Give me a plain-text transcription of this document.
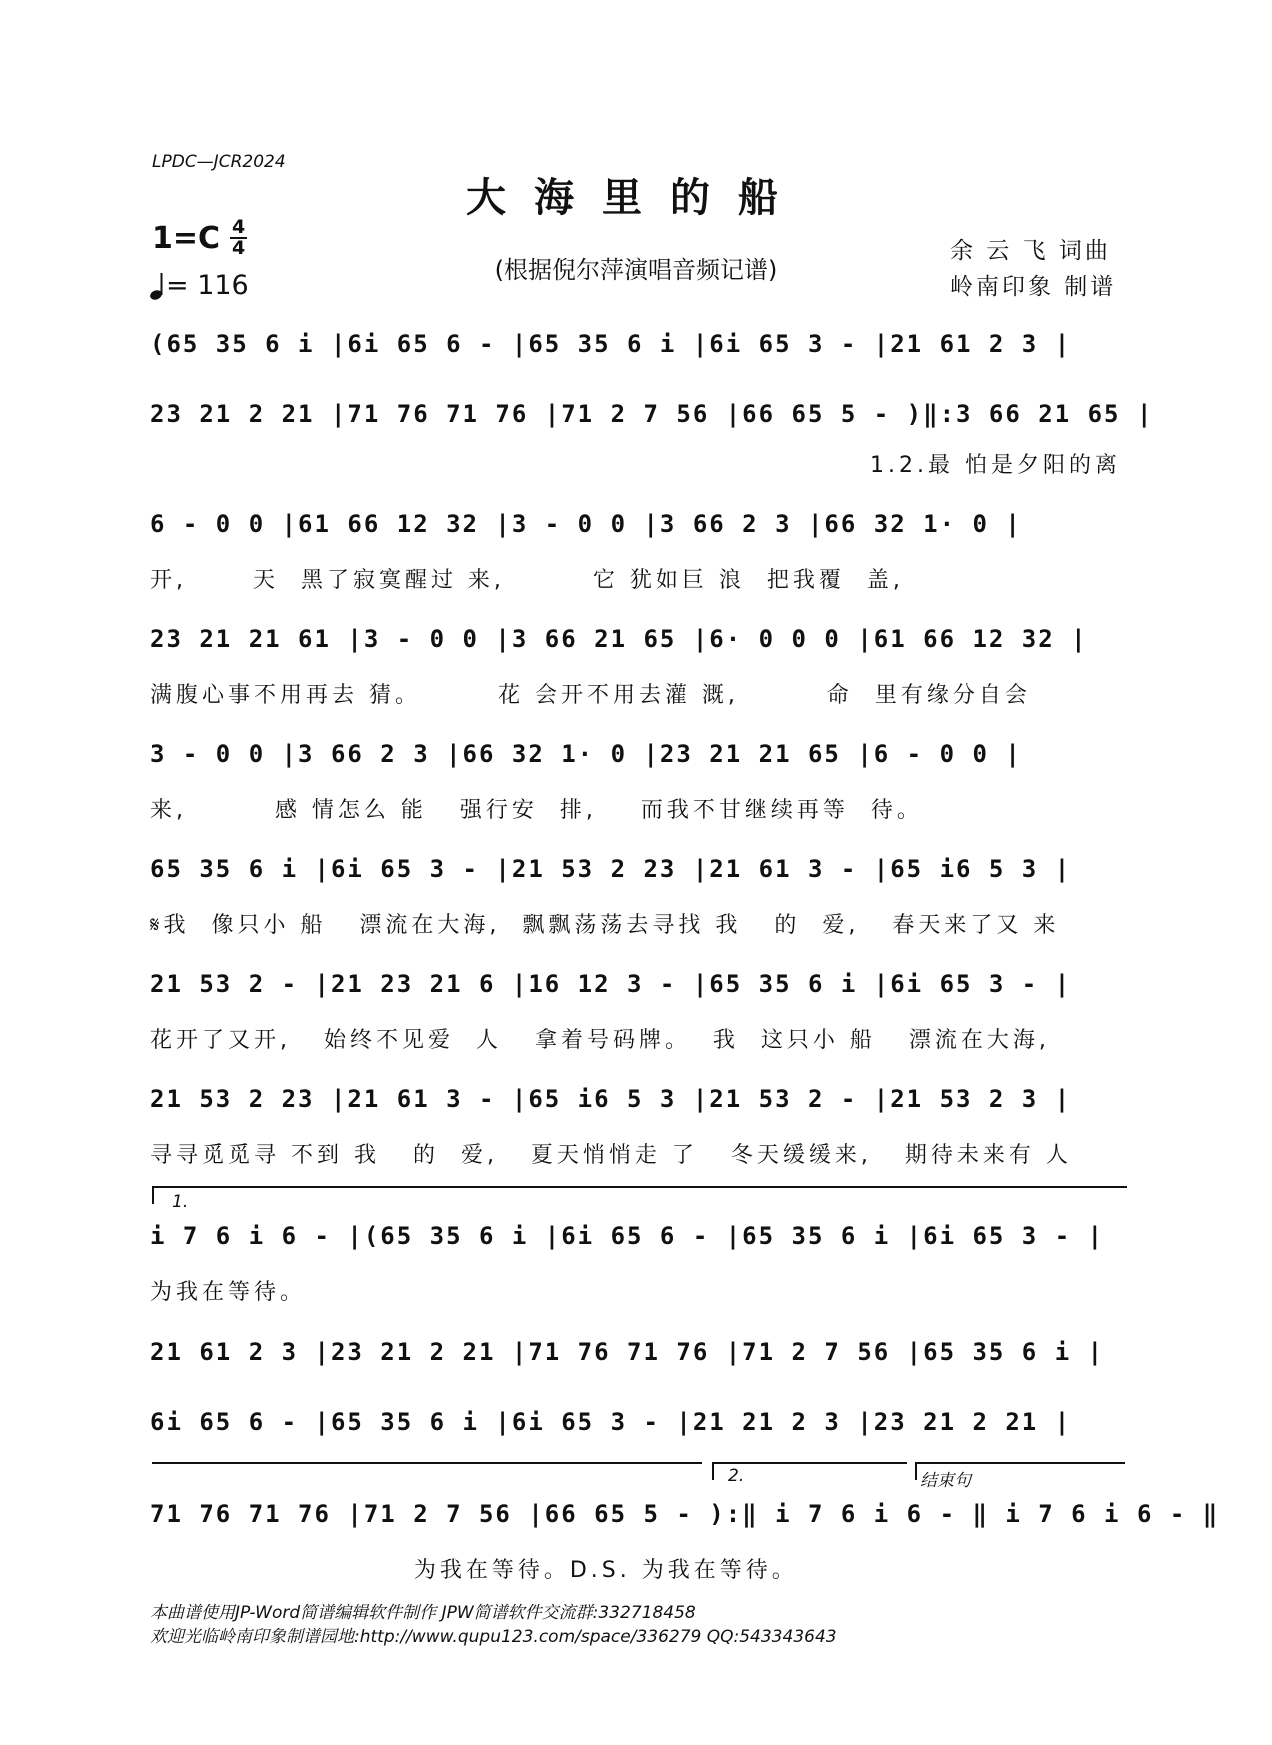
LPDC—JCR2024
大海里的船
$1=C \frac{4}{4}$
= 116	(根据倪尔萍演唱音频记谱)
余 云 飞 词曲
岭南印象 制谱
(65 35 6 i |6i 65 6 - |65 35 6 i |6i 65 3 - |21 61 2 3 |
23 21 2 21 |71 76 71 76 |71 2 7 56 |66 65 5 - )‖:3 66 21 65 |
1.2.最 怕是夕阳的离
6 - 0 0 |61 66 12 32 |3 - 0 0 |3 66 2 3 |66 32 1· 0 |
开,      天  黑了寂寞醒过 来,        它 犹如巨 浪  把我覆  盖,
23 21 21 61 |3 - 0 0 |3 66 21 65 |6· 0 0 0 |61 66 12 32 |
满腹心事不用再去 猜。       花 会开不用去灌 溉,        命  里有缘分自会
3 - 0 0 |3 66 2 3 |66 32 1· 0 |23 21 21 65 |6 - 0 0 |
来,        感 情怎么 能   强行安  排,    而我不甘继续再等  待。
65 35 6 i |6i 65 3 - |21 53 2 23 |21 61 3 - |65 i6 5 3 |
𝄋我  像只小 船   漂流在大海,  飘飘荡荡去寻找 我   的  爱,   春天来了又 来
21 53 2 - |21 23 21 6 |16 12 3 - |65 35 6 i |6i 65 3 - |
花开了又开,   始终不见爱  人   拿着号码牌。  我  这只小 船   漂流在大海,
21 53 2 23 |21 61 3 - |65 i6 5 3 |21 53 2 - |21 53 2 3 |
寻寻觅觅寻 不到 我   的  爱,   夏天悄悄走 了   冬天缓缓来,   期待未来有 人
1.
i 7 6 i 6 - |(65 35 6 i |6i 65 6 - |65 35 6 i |6i 65 3 - |
为我在等待。
21 61 2 3 |23 21 2 21 |71 76 71 76 |71 2 7 56 |65 35 6 i |
6i 65 6 - |65 35 6 i |6i 65 3 - |21 21 2 3 |23 21 2 21 |
2.	结束句
71 76 71 76 |71 2 7 56 |66 65 5 - ):‖ i 7 6 i 6 - ‖ i 7 6 i 6 - ‖
为我在等待。D.S. 为我在等待。
本曲谱使用JP-Word简谱编辑软件制作 JPW简谱软件交流群:332718458
欢迎光临岭南印象制谱园地:http://www.qupu123.com/space/336279 QQ:543343643
